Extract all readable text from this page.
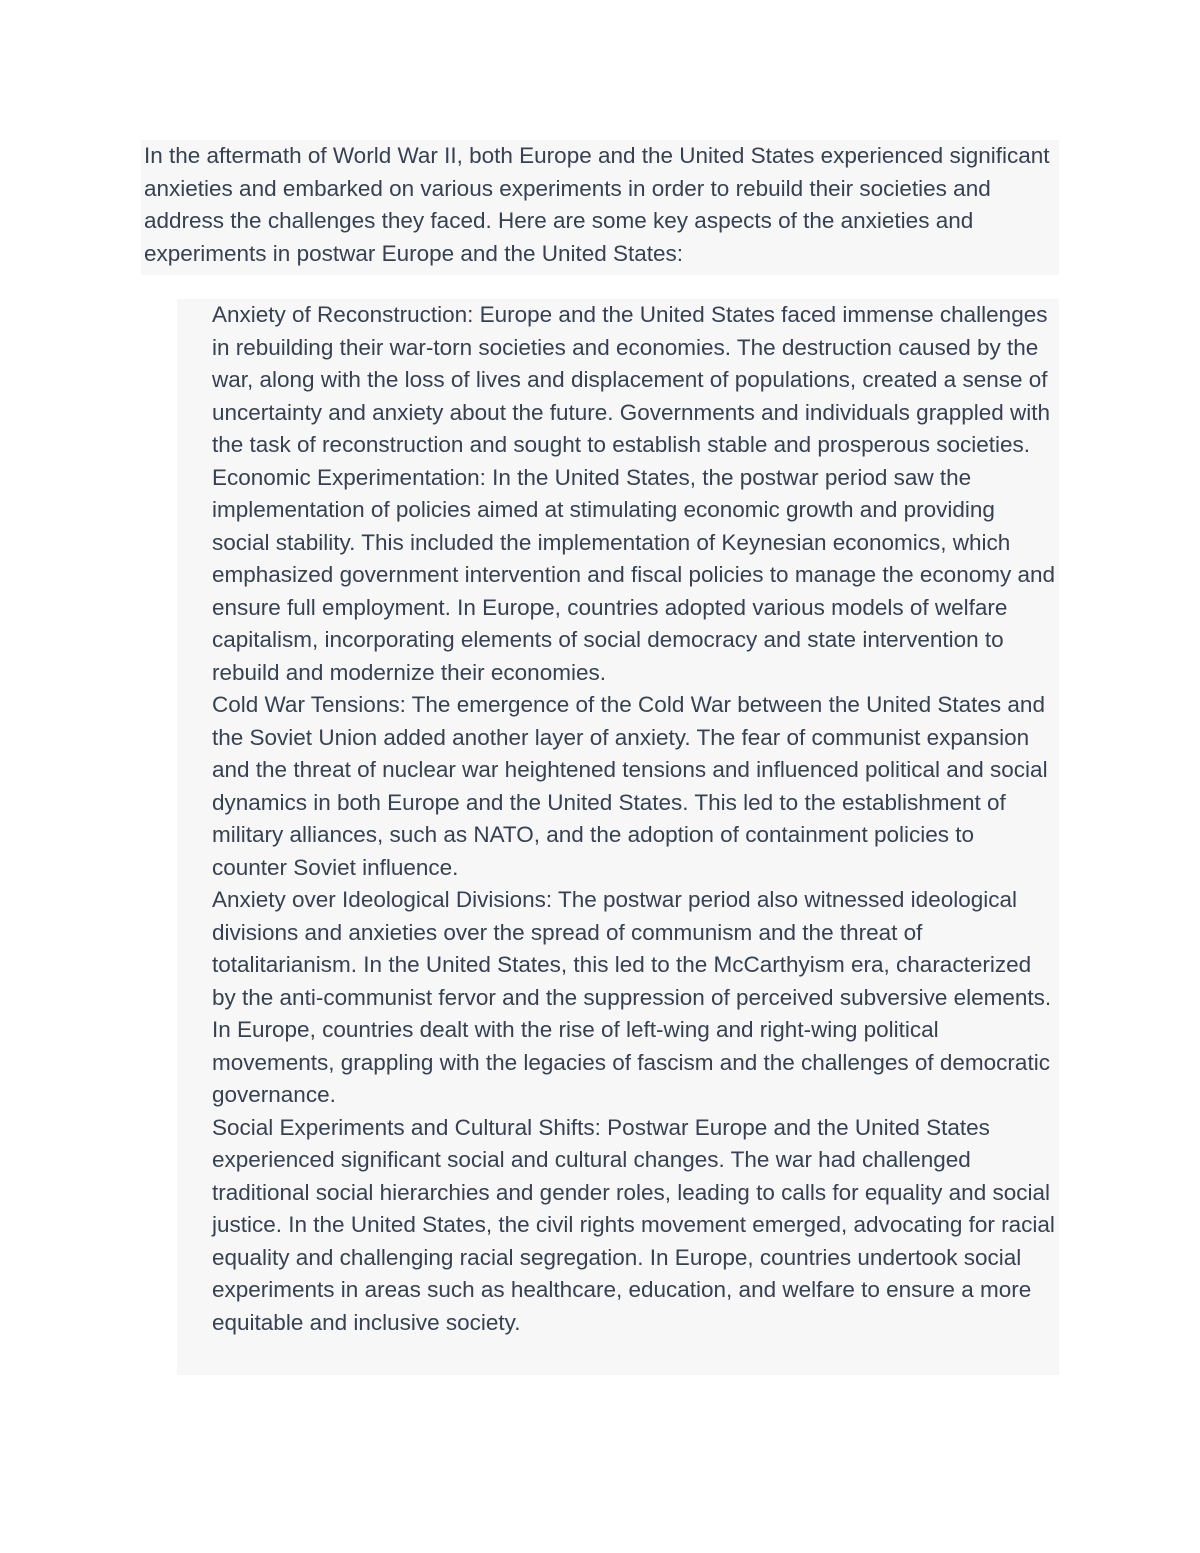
In the aftermath of World War II, both Europe and the United States experienced significant anxieties and embarked on various experiments in order to rebuild their societies and address the challenges they faced. Here are some key aspects of the anxieties and experiments in postwar Europe and the United States:

Anxiety of Reconstruction: Europe and the United States faced immense challenges in rebuilding their war-torn societies and economies. The destruction caused by the war, along with the loss of lives and displacement of populations, created a sense of uncertainty and anxiety about the future. Governments and individuals grappled with the task of reconstruction and sought to establish stable and prosperous societies.
Economic Experimentation: In the United States, the postwar period saw the implementation of policies aimed at stimulating economic growth and providing social stability. This included the implementation of Keynesian economics, which emphasized government intervention and fiscal policies to manage the economy and ensure full employment. In Europe, countries adopted various models of welfare capitalism, incorporating elements of social democracy and state intervention to rebuild and modernize their economies.
Cold War Tensions: The emergence of the Cold War between the United States and the Soviet Union added another layer of anxiety. The fear of communist expansion and the threat of nuclear war heightened tensions and influenced political and social dynamics in both Europe and the United States. This led to the establishment of military alliances, such as NATO, and the adoption of containment policies to counter Soviet influence.
Anxiety over Ideological Divisions: The postwar period also witnessed ideological divisions and anxieties over the spread of communism and the threat of totalitarianism. In the United States, this led to the McCarthyism era, characterized by the anti-communist fervor and the suppression of perceived subversive elements. In Europe, countries dealt with the rise of left-wing and right-wing political movements, grappling with the legacies of fascism and the challenges of democratic governance.
Social Experiments and Cultural Shifts: Postwar Europe and the United States experienced significant social and cultural changes. The war had challenged traditional social hierarchies and gender roles, leading to calls for equality and social justice. In the United States, the civil rights movement emerged, advocating for racial equality and challenging racial segregation. In Europe, countries undertook social experiments in areas such as healthcare, education, and welfare to ensure a more equitable and inclusive society.
